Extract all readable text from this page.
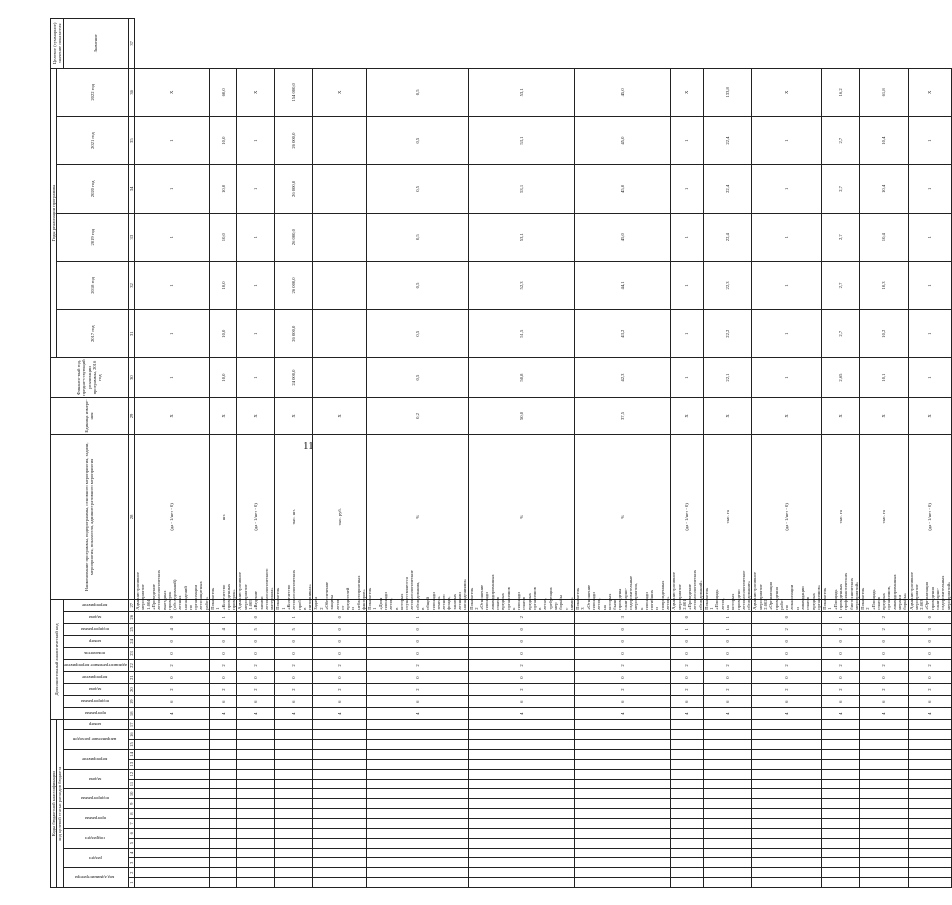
11
Коды бюджетной классификации																	Дополнительный аналитический код										Наименование программы, подпрограммы, основного мероприятия, задачи, мероприятия, показателя, административного мероприятия	Единица измере-ния	Финансо-вый год, предше-ствующий реализации программы, 2016 год	Годы реализации программы						Целевое (суммарное) значение показателя
код целевой статьи расходов бюджета																														2017 год	2018 год	2019 год	2020 год	2021 год	2022 год	
код администратора		раздел		подраздел		программа		подпрограмма		задача		мероприятие		направление расходов		номер	программа	подпрограмма	задача	мероприятие	административное мероприятие	показатель	номер	подпрограмма	задача	мероприятие										Значение
1	2	3	4	5	6	7	8	9	10	11	12	13	14	15	16	17	18	19	20	21	22	23	24	25	26	27	28	29	30	31	32	33	34	35	36	37
																	4	6	2	0	2	0	0	4	0	Административное мероприятие 1.004 «Проведение лесопатологических выездных проверок (обследований) лесных насаждений по организации лесозащитных работ»	(да - 1/нет - 0)	X	1	1	1	1	1	1	X	
																	4	6	2	0	2	0	0	4	1	Показатель 1 «Количество проведенных проверок»	шт.	X	10,0	10,0	10,0	10,0	10,0	10,0	60,0	
																	4	6	2	0	2	0	0	5	0	Административное мероприятие 1.005 «Ведение записи лесопатологического материала»	(да - 1/нет - 0)	X	1	1	1	1	1	1	X	
																	4	6	2	0	2	0	0	5	1	Показатель 1 «Количество лесопатологических проб в питомниках»	тыс. шт.	X	24 000,0	26 000,0	26 000,0	26 000,0	26 000,0	26 000,0	154 000,0	
																	4	6	2	0	2	0	0	0	0	Задача 2 «Обеспечение защиты лесов от вредителей и неблагоприятных факторов»	тыс. руб.	X							X	
																	4	6	2	0	2	0	0	0	1	Показатель 1 «Доля площади лесов, в которых осуществляются лесопатологические обследования, в общей площади земель лесного фонда, занятых лесными насаждениями»	%	0,2	0,5	0,5	0,5	0,5	0,5	0,5	0,5	
																	4	6	2	0	2	0	0	0	2	Показатель 2 «Отношение площади ликвидированных очагов вредных организмов к площади очагов вредных организмов в лесах, требующих мер борьбы с ними»	%	50,0	50,8	51,5	52,3	53,1	53,1	53,1	53,1	
																	4	6	2	0	2	0	0	0	3	Показатель 3 «Отношение площади лесов, на которых были проведены санитарно-оздоровительные мероприятия, к площади погибших и поврежденных лесов»	%	37,5	42,3	43,2	44,1	45,0	45,0	45,0	45,0	
																	4	6	2	0	2	0	0	1	0	Административное мероприятие 2.001 «Проведение лесопатологических обследований»	(да - 1/нет - 0)	X	1	1	1	1	1	1	X	
																	4	6	2	0	2	0	0	1	1	Показатель 1 «Площадь лесов, на которых проведено лесопатологическое обследование»	тыс. га	X	22,1	22,2	22,3	22,4	22,4	22,4	133,8	
																	4	6	2	0	2	0	0	2	0	Административное мероприятие 2.002 «Организация проведения работ по локализации и ликвидации очагов вредных организмов»	(да - 1/нет - 0)	X	1	1	1	1	1	1	X	
																	4	6	2	0	2	0	0	2	1	Показатель 1 «Площадь проведенных профилактических биотехнических мероприятий»	тыс. га	X	2,65	2,7	2,7	2,7	2,7	2,7	16,2	
																	4	6	2	0	2	0	0	2	2	Показатель 2 «Площадь очагов вредных организмов, ликвидированных мерами борьбы»	тыс. га	X	10,1	10,2	10,3	10,4	10,4	10,4	61,8	
																	4	6	2	0	2	0	0	3	0	Административное мероприятие 2.003 «Организация проведения санитарно-оздоровительных мероприятий»	(да - 1/нет - 0)	X	1	1	1	1	1	1	X	
